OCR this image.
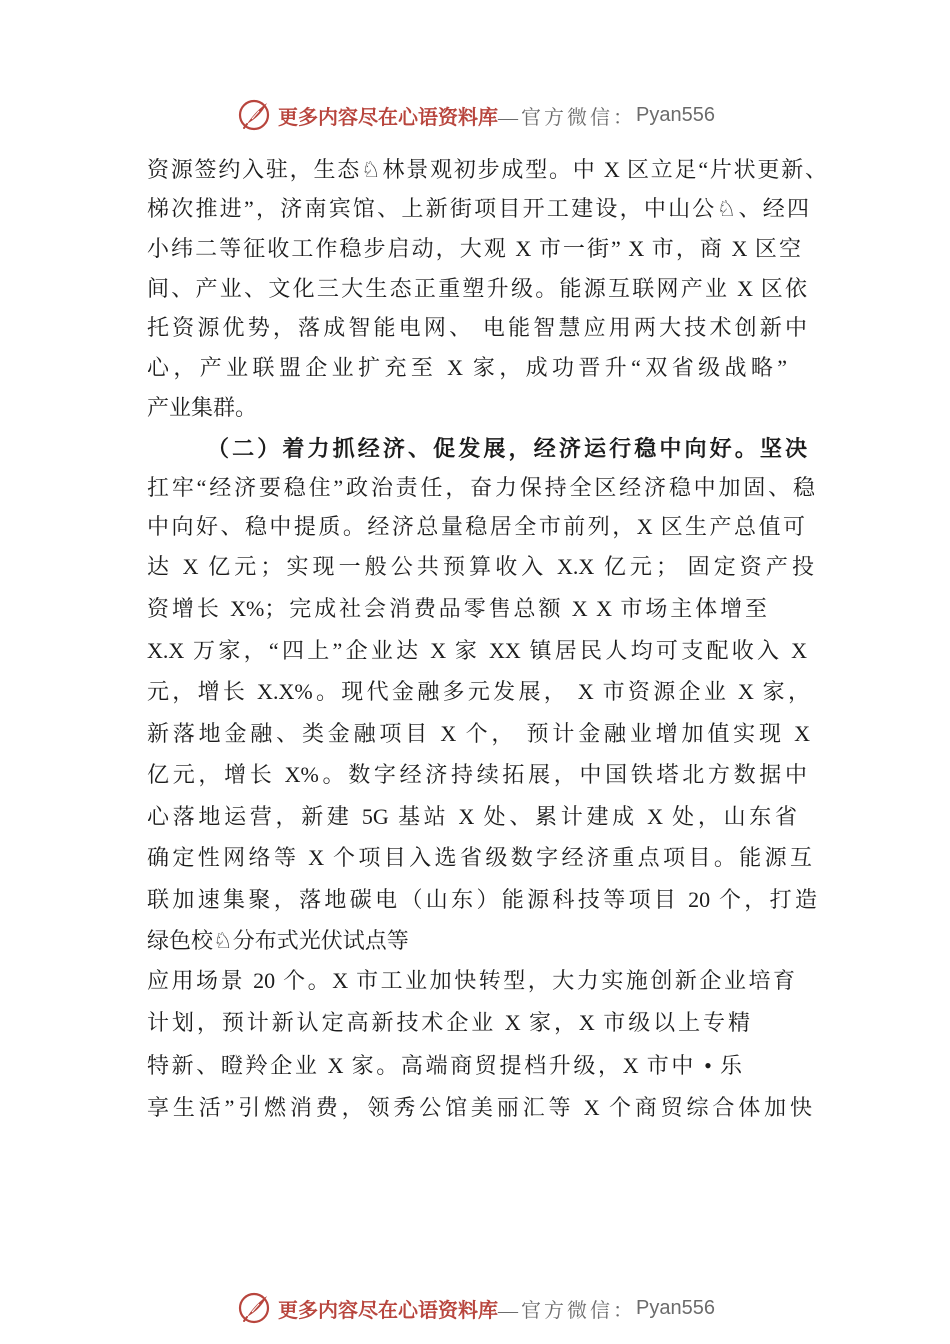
更多内容尽在心语资料库 —官方微信： Pyan556
资源签约入驻，生态♘林景观初步成型。中 X 区立足“片状更新、
梯次推进”，济南宾馆、上新街项目开工建设，中山公♘、经四
小纬二等征收工作稳步启动，大观 X 市一街” X 市，商 X 区空
间、产业、文化三大生态正重塑升级。能源互联网产业 X 区依
托资源优势，落成智能电网、 电能智慧应用两大技术创新中
心，产业联盟企业扩充至 X 家，成功晋升“双省级战略”
产业集群。
（二）着力抓经济、促发展，经济运行稳中向好。坚决
扛牢“经济要稳住”政治责任，奋力保持全区经济稳中加固、稳
中向好、稳中提质。经济总量稳居全市前列，X 区生产总值可
达 X 亿元；实现一般公共预算收入 X.X 亿元； 固定资产投
资增长 X%；完成社会消费品零售总额 X X 市场主体增至
X.X 万家，“四上”企业达 X 家 XX 镇居民人均可支配收入 X
元，增长 X.X%。现代金融多元发展， X 市资源企业 X 家，
新落地金融、类金融项目 X 个， 预计金融业增加值实现 X
亿元，增长 X%。数字经济持续拓展，中国铁塔北方数据中
心落地运营，新建 5G 基站 X 处、累计建成 X 处，山东省
确定性网络等 X 个项目入选省级数字经济重点项目。能源互
联加速集聚，落地碳电（山东）能源科技等项目 20 个，打造
绿色校♘分布式光伏试点等
应用场景 20 个。X 市工业加快转型，大力实施创新企业培育
计划，预计新认定高新技术企业 X 家，X 市级以上专精
特新、瞪羚企业 X 家。高端商贸提档升级，X 市中 • 乐
享生活”引燃消费，领秀公馆美丽汇等 X 个商贸综合体加快
更多内容尽在心语资料库 —官方微信： Pyan556
